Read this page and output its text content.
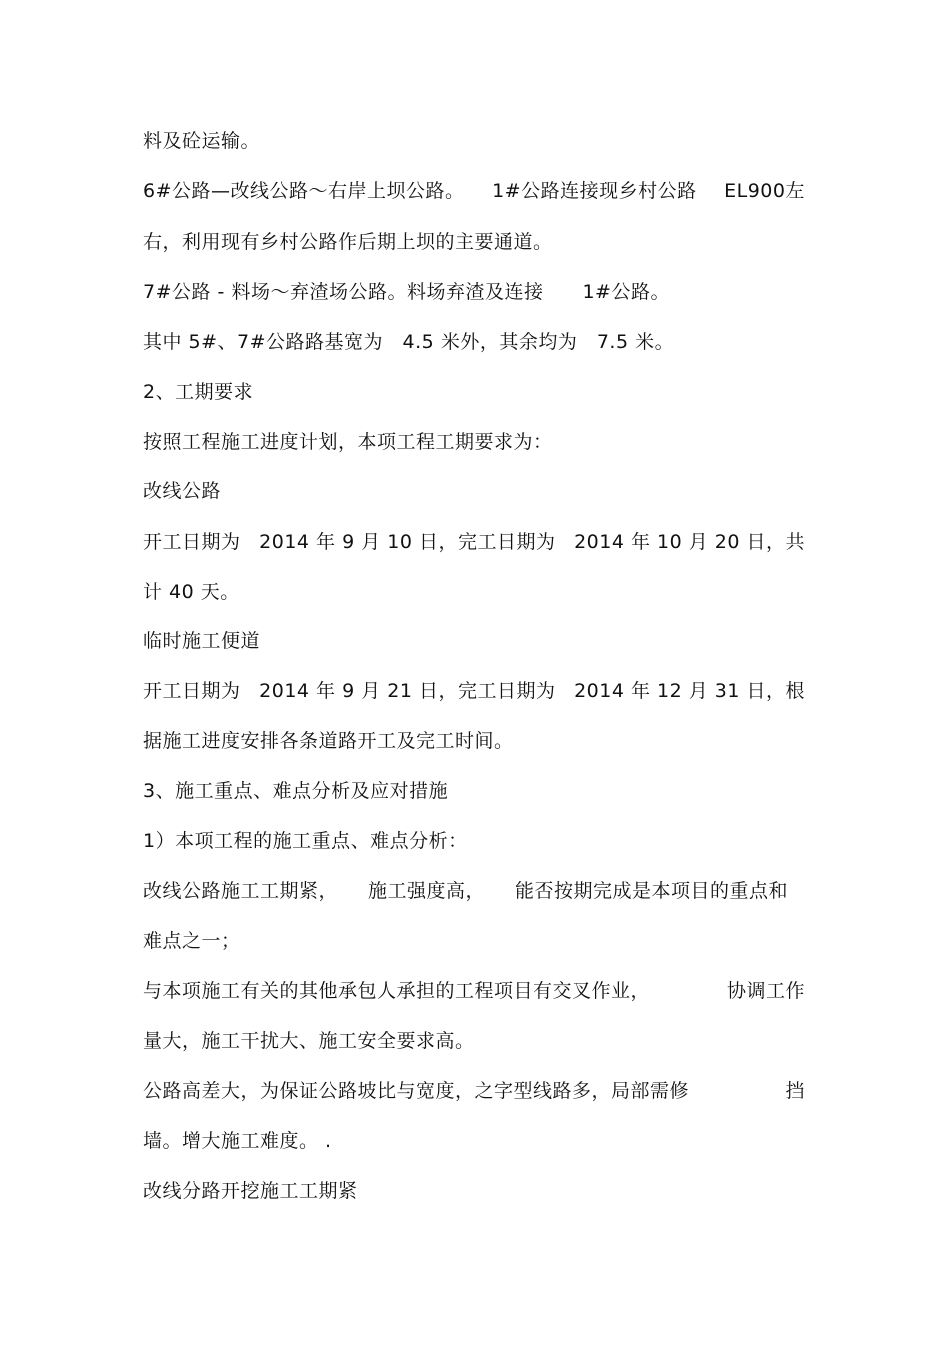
料及砼运输。
6#公路—改线公路～右岸上坝公路。 1#公路连接现乡村公路 EL900左
右，利用现有乡村公路作后期上坝的主要通道。
7#公路 - 料场～弃渣场公路。料场弃渣及连接　　1#公路。
其中 5#、7#公路路基宽为　4.5 米外，其余均为　7.5 米。
2、工期要求
按照工程施工进度计划，本项工程工期要求为：
改线公路
开工日期为 2014 年 9 月 10 日，完工日期为 2014 年 10 月 20 日，共
计 40 天。
临时施工便道
开工日期为 2014 年 9 月 21 日，完工日期为 2014 年 12 月 31 日，根
据施工进度安排各条道路开工及完工时间。
3、施工重点、难点分析及应对措施
1）本项工程的施工重点、难点分析：
改线公路施工工期紧， 施工强度高， 能否按期完成是本项目的重点和
难点之一；
与本项施工有关的其他承包人承担的工程项目有交叉作业，	协调工作
量大，施工干扰大、施工安全要求高。
公路高差大，为保证公路坡比与宽度，之字型线路多，局部需修	挡
墙。增大施工难度。 .
改线分路开挖施工工期紧
